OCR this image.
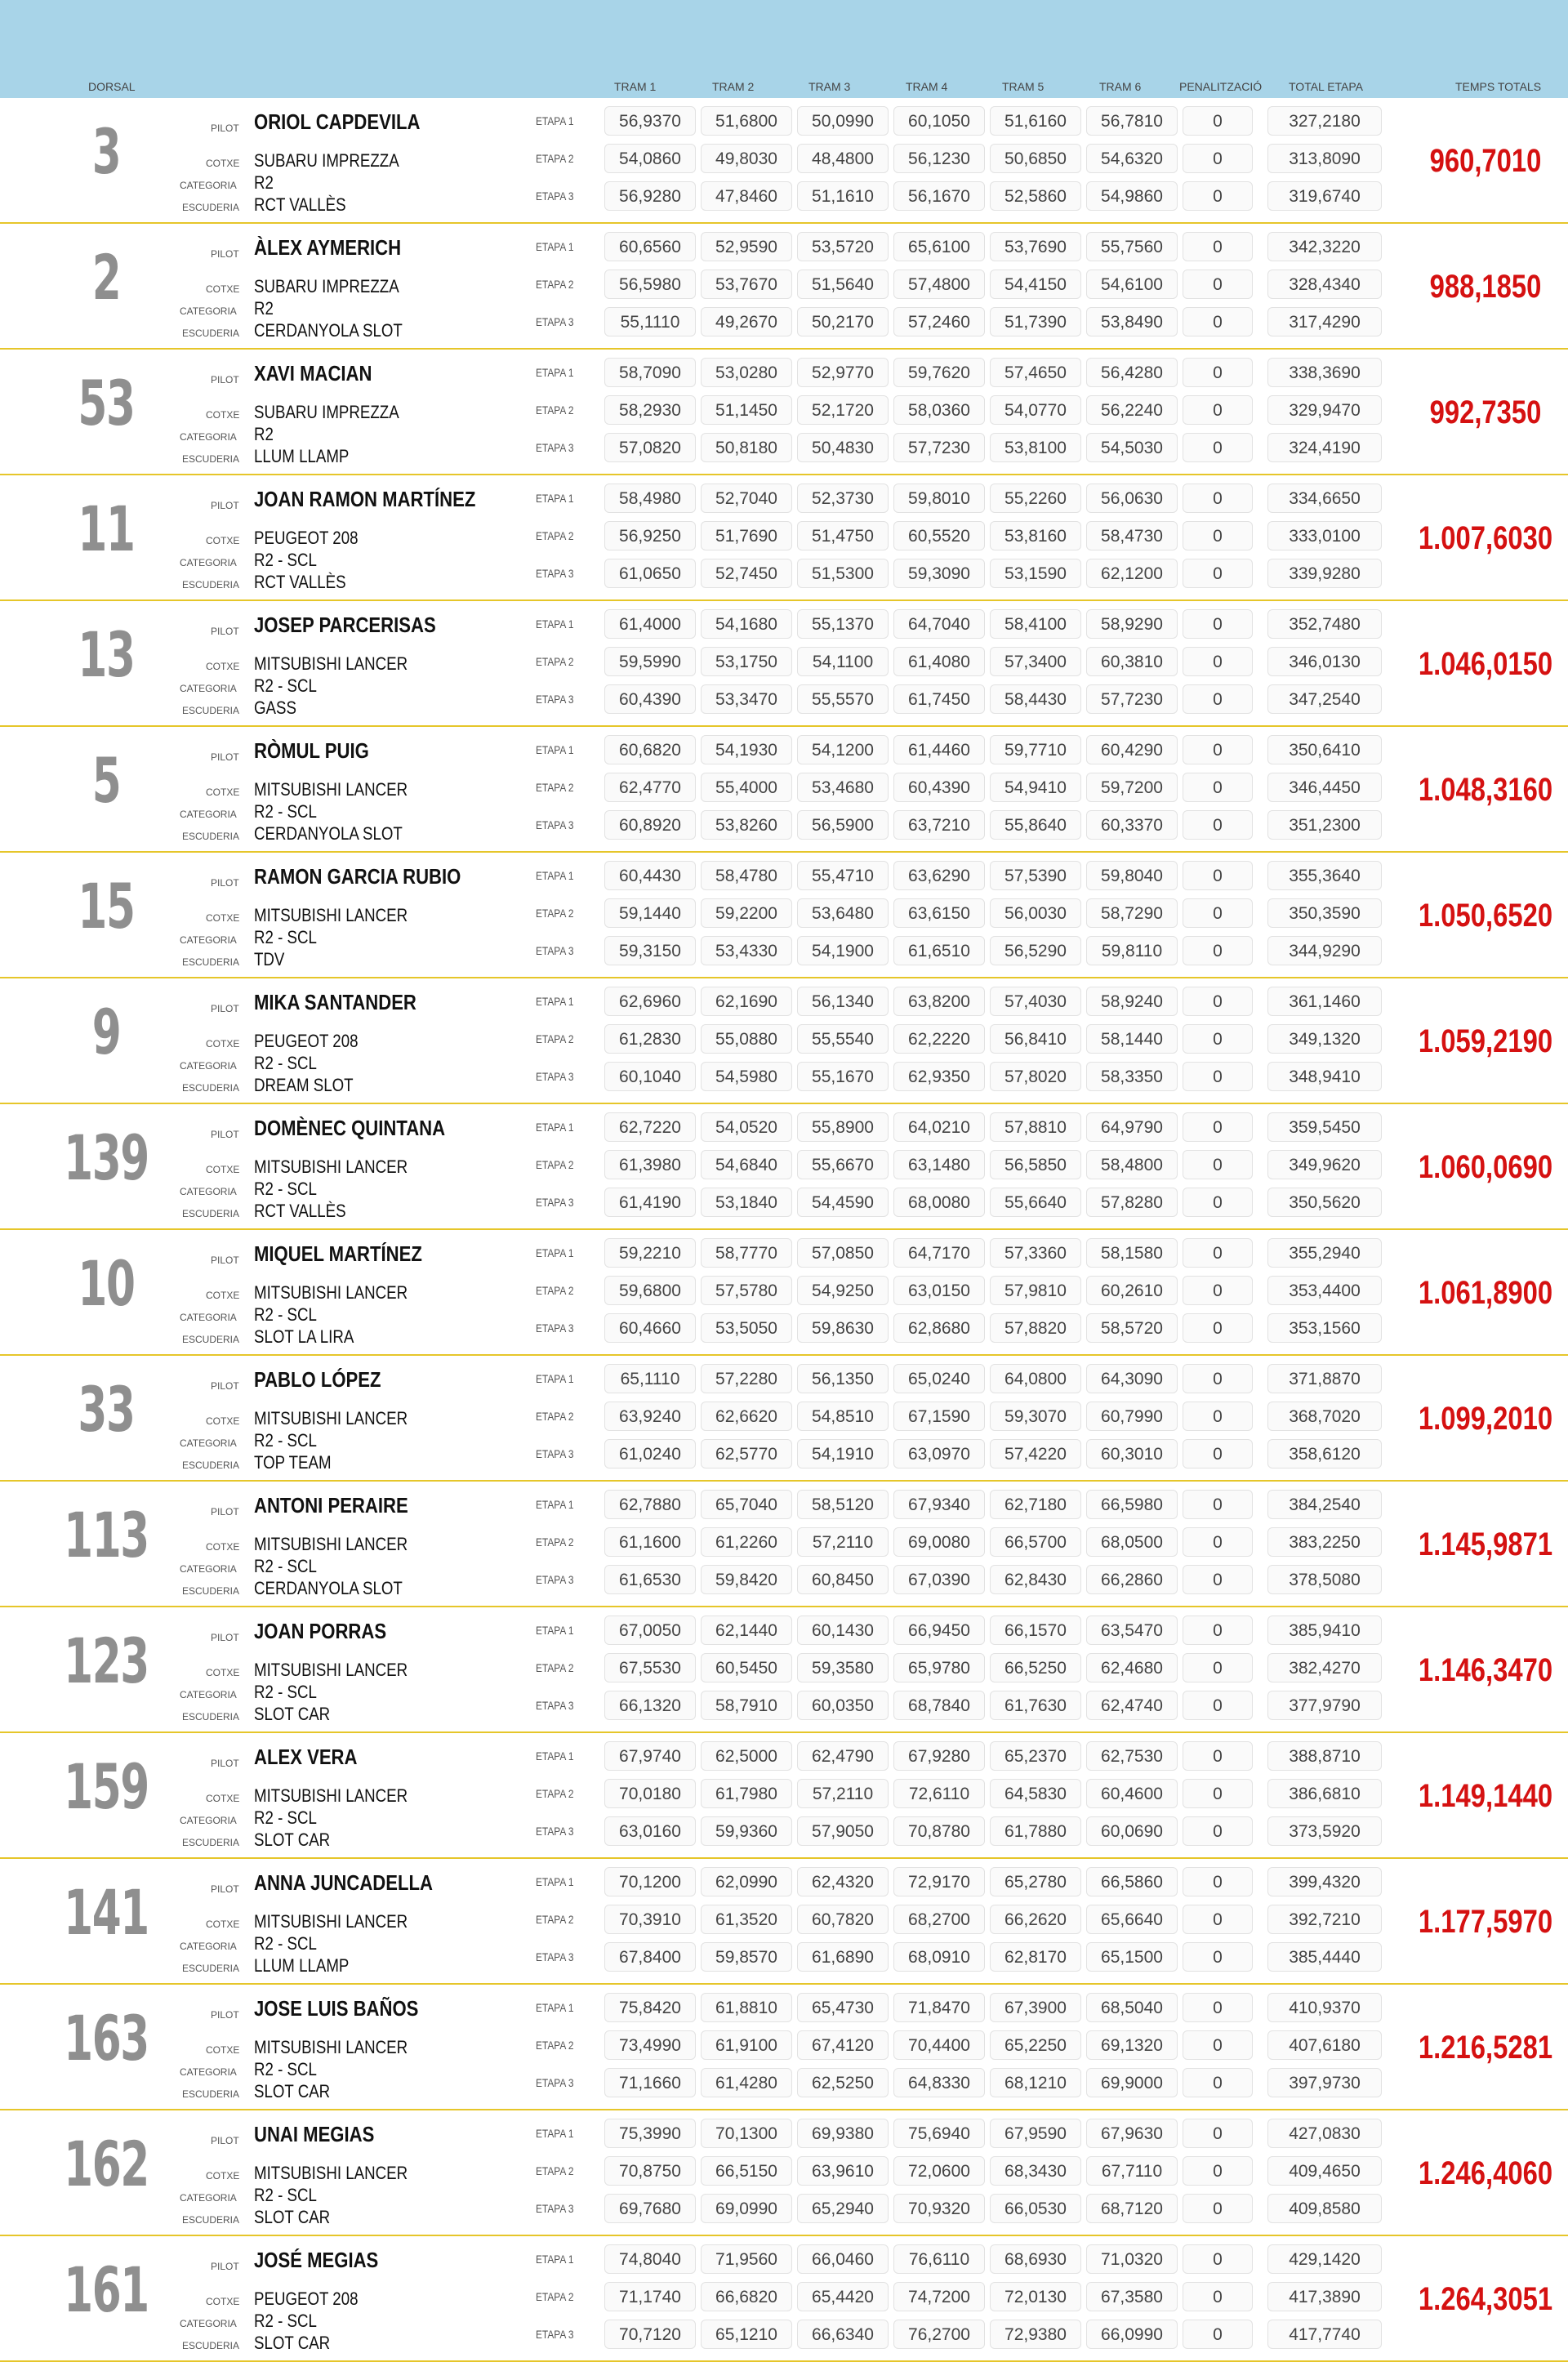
DORSAL	TRAM 1	TRAM 2	TRAM 3	TRAM 4	TRAM 5	TRAM 6	PENALITZACIÓ TOTAL ETAPA	TEMPS TOTALS
3	PILOT ORIOL CAPDEVILA
COTXE SUBARU IMPREZZA
CATEGORIA R2
ESCUDERIA RCT VALLÈS
ETAPA 1	56,9370	51,6800	50,0990	60,1050	51,6160	56,7810	0	327,2180
ETAPA 2	54,0860	49,8030	48,4800	56,1230	50,6850	54,6320	0	313,8090
ETAPA 3	56,9280	47,8460	51,1610	56,1670	52,5860	54,9860	0	319,6740
960,7010
2	PILOT ÀLEX AYMERICH
COTXE SUBARU IMPREZZA
CATEGORIA R2
ESCUDERIA CERDANYOLA SLOT
ETAPA 1	60,6560	52,9590	53,5720	65,6100	53,7690	55,7560	0	342,3220
ETAPA 2	56,5980	53,7670	51,5640	57,4800	54,4150	54,6100	0	328,4340
ETAPA 3	55,1110	49,2670	50,2170	57,2460	51,7390	53,8490	0	317,4290
988,1850
53	PILOT XAVI MACIAN
COTXE SUBARU IMPREZZA
CATEGORIA R2
ESCUDERIA LLUM LLAMP
ETAPA 1	58,7090	53,0280	52,9770	59,7620	57,4650	56,4280	0	338,3690
ETAPA 2	58,2930	51,1450	52,1720	58,0360	54,0770	56,2240	0	329,9470
ETAPA 3	57,0820	50,8180	50,4830	57,7230	53,8100	54,5030	0	324,4190
992,7350
11	PILOT JOAN RAMON MARTÍNEZ
COTXE PEUGEOT 208
CATEGORIA R2 - SCL
ESCUDERIA RCT VALLÈS
ETAPA 1	58,4980	52,7040	52,3730	59,8010	55,2260	56,0630	0	334,6650
ETAPA 2	56,9250	51,7690	51,4750	60,5520	53,8160	58,4730	0	333,0100
ETAPA 3	61,0650	52,7450	51,5300	59,3090	53,1590	62,1200	0	339,9280
1.007,6030
13	PILOT JOSEP PARCERISAS
COTXE MITSUBISHI LANCER
CATEGORIA R2 - SCL
ESCUDERIA GASS
ETAPA 1	61,4000	54,1680	55,1370	64,7040	58,4100	58,9290	0	352,7480
ETAPA 2	59,5990	53,1750	54,1100	61,4080	57,3400	60,3810	0	346,0130
ETAPA 3	60,4390	53,3470	55,5570	61,7450	58,4430	57,7230	0	347,2540
1.046,0150
5	PILOT RÒMUL PUIG
COTXE MITSUBISHI LANCER
CATEGORIA R2 - SCL
ESCUDERIA CERDANYOLA SLOT
ETAPA 1	60,6820	54,1930	54,1200	61,4460	59,7710	60,4290	0	350,6410
ETAPA 2	62,4770	55,4000	53,4680	60,4390	54,9410	59,7200	0	346,4450
ETAPA 3	60,8920	53,8260	56,5900	63,7210	55,8640	60,3370	0	351,2300
1.048,3160
15	PILOT RAMON GARCIA RUBIO
COTXE MITSUBISHI LANCER
CATEGORIA R2 - SCL
ESCUDERIA TDV
ETAPA 1	60,4430	58,4780	55,4710	63,6290	57,5390	59,8040	0	355,3640
ETAPA 2	59,1440	59,2200	53,6480	63,6150	56,0030	58,7290	0	350,3590
ETAPA 3	59,3150	53,4330	54,1900	61,6510	56,5290	59,8110	0	344,9290
1.050,6520
9	PILOT MIKA SANTANDER
COTXE PEUGEOT 208
CATEGORIA R2 - SCL
ESCUDERIA DREAM SLOT
ETAPA 1	62,6960	62,1690	56,1340	63,8200	57,4030	58,9240	0	361,1460
ETAPA 2	61,2830	55,0880	55,5540	62,2220	56,8410	58,1440	0	349,1320
ETAPA 3	60,1040	54,5980	55,1670	62,9350	57,8020	58,3350	0	348,9410
1.059,2190
139	PILOT DOMÈNEC QUINTANA
COTXE MITSUBISHI LANCER
CATEGORIA R2 - SCL
ESCUDERIA RCT VALLÈS
ETAPA 1	62,7220	54,0520	55,8900	64,0210	57,8810	64,9790	0	359,5450
ETAPA 2	61,3980	54,6840	55,6670	63,1480	56,5850	58,4800	0	349,9620
ETAPA 3	61,4190	53,1840	54,4590	68,0080	55,6640	57,8280	0	350,5620
1.060,0690
10	PILOT MIQUEL MARTÍNEZ
COTXE MITSUBISHI LANCER
CATEGORIA R2 - SCL
ESCUDERIA SLOT LA LIRA
ETAPA 1	59,2210	58,7770	57,0850	64,7170	57,3360	58,1580	0	355,2940
ETAPA 2	59,6800	57,5780	54,9250	63,0150	57,9810	60,2610	0	353,4400
ETAPA 3	60,4660	53,5050	59,8630	62,8680	57,8820	58,5720	0	353,1560
1.061,8900
33	PILOT PABLO LÓPEZ
COTXE MITSUBISHI LANCER
CATEGORIA R2 - SCL
ESCUDERIA TOP TEAM
ETAPA 1	65,1110	57,2280	56,1350	65,0240	64,0800	64,3090	0	371,8870
ETAPA 2	63,9240	62,6620	54,8510	67,1590	59,3070	60,7990	0	368,7020
ETAPA 3	61,0240	62,5770	54,1910	63,0970	57,4220	60,3010	0	358,6120
1.099,2010
113	PILOT ANTONI PERAIRE
COTXE MITSUBISHI LANCER
CATEGORIA R2 - SCL
ESCUDERIA CERDANYOLA SLOT
ETAPA 1	62,7880	65,7040	58,5120	67,9340	62,7180	66,5980	0	384,2540
ETAPA 2	61,1600	61,2260	57,2110	69,0080	66,5700	68,0500	0	383,2250
ETAPA 3	61,6530	59,8420	60,8450	67,0390	62,8430	66,2860	0	378,5080
1.145,9871
123	PILOT JOAN PORRAS
COTXE MITSUBISHI LANCER
CATEGORIA R2 - SCL
ESCUDERIA SLOT CAR
ETAPA 1	67,0050	62,1440	60,1430	66,9450	66,1570	63,5470	0	385,9410
ETAPA 2	67,5530	60,5450	59,3580	65,9780	66,5250	62,4680	0	382,4270
ETAPA 3	66,1320	58,7910	60,0350	68,7840	61,7630	62,4740	0	377,9790
1.146,3470
159	PILOT ALEX VERA
COTXE MITSUBISHI LANCER
CATEGORIA R2 - SCL
ESCUDERIA SLOT CAR
ETAPA 1	67,9740	62,5000	62,4790	67,9280	65,2370	62,7530	0	388,8710
ETAPA 2	70,0180	61,7980	57,2110	72,6110	64,5830	60,4600	0	386,6810
ETAPA 3	63,0160	59,9360	57,9050	70,8780	61,7880	60,0690	0	373,5920
1.149,1440
141	PILOT ANNA JUNCADELLA
COTXE MITSUBISHI LANCER
CATEGORIA R2 - SCL
ESCUDERIA LLUM LLAMP
ETAPA 1	70,1200	62,0990	62,4320	72,9170	65,2780	66,5860	0	399,4320
ETAPA 2	70,3910	61,3520	60,7820	68,2700	66,2620	65,6640	0	392,7210
ETAPA 3	67,8400	59,8570	61,6890	68,0910	62,8170	65,1500	0	385,4440
1.177,5970
163	PILOT JOSE LUIS BAÑOS
COTXE MITSUBISHI LANCER
CATEGORIA R2 - SCL
ESCUDERIA SLOT CAR
ETAPA 1	75,8420	61,8810	65,4730	71,8470	67,3900	68,5040	0	410,9370
ETAPA 2	73,4990	61,9100	67,4120	70,4400	65,2250	69,1320	0	407,6180
ETAPA 3	71,1660	61,4280	62,5250	64,8330	68,1210	69,9000	0	397,9730
1.216,5281
162	PILOT UNAI MEGIAS
COTXE MITSUBISHI LANCER
CATEGORIA R2 - SCL
ESCUDERIA SLOT CAR
ETAPA 1	75,3990	70,1300	69,9380	75,6940	67,9590	67,9630	0	427,0830
ETAPA 2	70,8750	66,5150	63,9610	72,0600	68,3430	67,7110	0	409,4650
ETAPA 3	69,7680	69,0990	65,2940	70,9320	66,0530	68,7120	0	409,8580
1.246,4060
161	PILOT JOSÉ MEGIAS
COTXE PEUGEOT 208
CATEGORIA R2 - SCL
ESCUDERIA SLOT CAR
ETAPA 1	74,8040	71,9560	66,0460	76,6110	68,6930	71,0320	0	429,1420
ETAPA 2	71,1740	66,6820	65,4420	74,7200	72,0130	67,3580	0	417,3890
ETAPA 3	70,7120	65,1210	66,6340	76,2700	72,9380	66,0990	0	417,7740
1.264,3051
